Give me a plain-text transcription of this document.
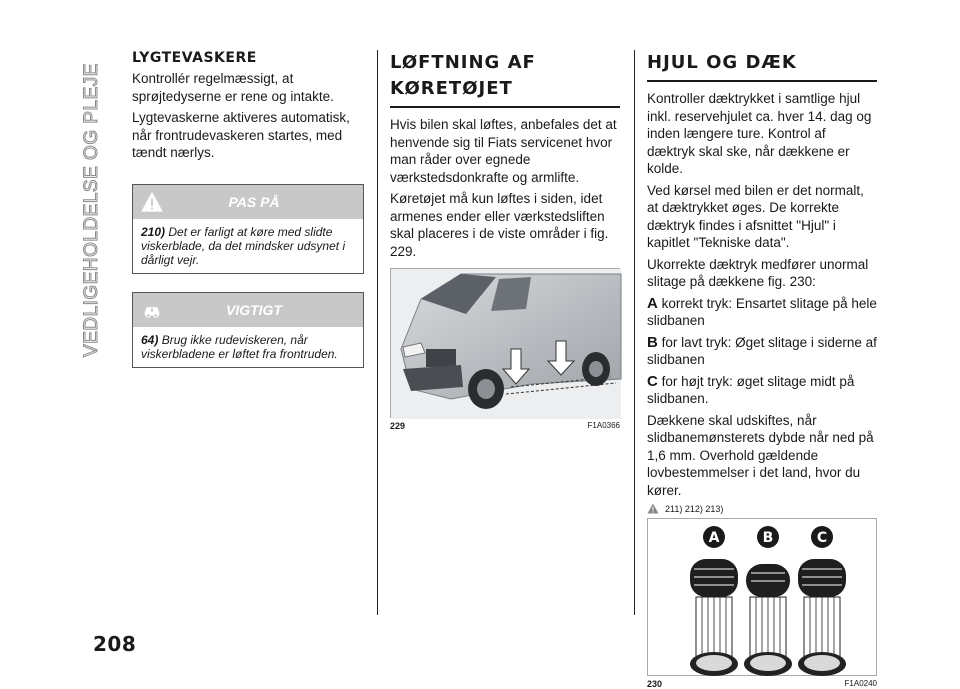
VEDLIGEHOLDELSE OG PLEJE
208
LYGTEVASKERE

Kontrollér regelmæssigt, at sprøjtedyserne er rene og intakte.

Lygtevaskerne aktiveres automatisk, når frontrudevaskeren startes, med tændt nærlys.

PAS PÅ
210) Det er farligt at køre med slidte viskerblade, da det mindsker udsynet i dårligt vejr.
VIGTIGT
64) Brug ikke rudeviskeren, når viskerbladene er løftet fra frontruden.
LØFTNING AF
KØRETØJET

Hvis bilen skal løftes, anbefales det at henvende sig til Fiats servicenet hvor man råder over egnede værkstedsdonkrafte og armlifte.

Køretøjet må kun løftes i siden, idet armenes ender eller værkstedsliften skal placeres i de viste områder i fig. 229.

229	F1A0366
HJUL OG DÆK

Kontroller dæktrykket i samtlige hjul inkl. reservehjulet ca. hver 14. dag og inden længere ture. Kontrol af dæktryk skal ske, når dækkene er kolde.

Ved kørsel med bilen er det normalt, at dæktrykket øges. De korrekte dæktryk findes i afsnittet "Hjul" i kapitlet "Tekniske data".

Ukorrekte dæktryk medfører unormal slitage på dækkene fig. 230:

A korrekt tryk: Ensartet slitage på hele slidbanen

B for lavt tryk: Øget slitage i siderne af slidbanen

C for højt tryk: øget slitage midt på slidbanen.

Dækkene skal udskiftes, når slidbanemønsterets dybde når ned på 1,6 mm. Overhold gældende lovbestemmelser i det land, hvor du kører.

211) 212) 213)
A	B	C
230	F1A0240
